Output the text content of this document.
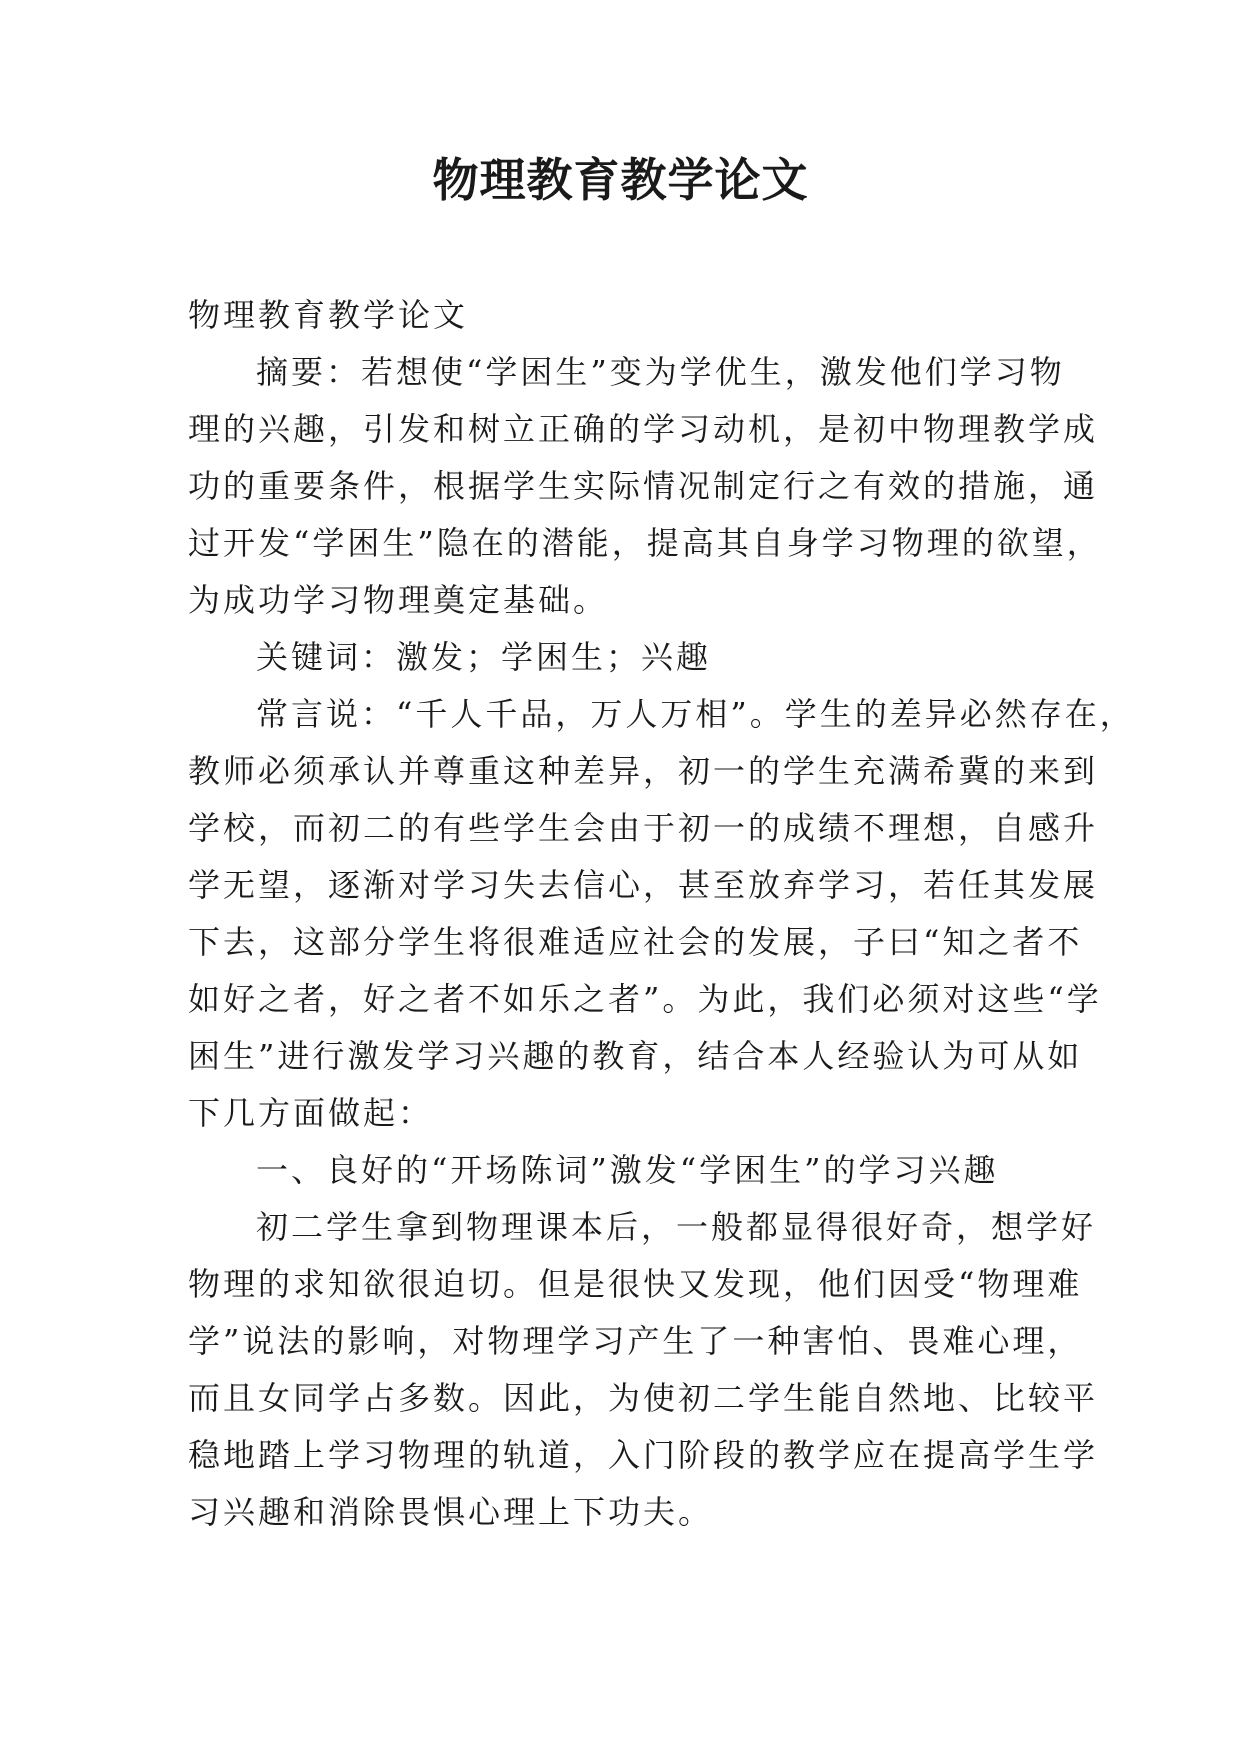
物理教育教学论文
物理教育教学论文
摘要：若想使“学困生”变为学优生，激发他们学习物
理的兴趣，引发和树立正确的学习动机，是初中物理教学成
功的重要条件，根据学生实际情况制定行之有效的措施，通
过开发“学困生”隐在的潜能，提高其自身学习物理的欲望，
为成功学习物理奠定基础。
关键词：激发；学困生；兴趣
常言说：“千人千品，万人万相”。学生的差异必然存在，
教师必须承认并尊重这种差异，初一的学生充满希冀的来到
学校，而初二的有些学生会由于初一的成绩不理想，自感升
学无望，逐渐对学习失去信心，甚至放弃学习，若任其发展
下去，这部分学生将很难适应社会的发展，子曰“知之者不
如好之者，好之者不如乐之者”。为此，我们必须对这些“学
困生”进行激发学习兴趣的教育，结合本人经验认为可从如
下几方面做起：
一、良好的“开场陈词”激发“学困生”的学习兴趣
初二学生拿到物理课本后，一般都显得很好奇，想学好
物理的求知欲很迫切。但是很快又发现，他们因受“物理难
学”说法的影响，对物理学习产生了一种害怕、畏难心理，
而且女同学占多数。因此，为使初二学生能自然地、比较平
稳地踏上学习物理的轨道，入门阶段的教学应在提高学生学
习兴趣和消除畏惧心理上下功夫。
